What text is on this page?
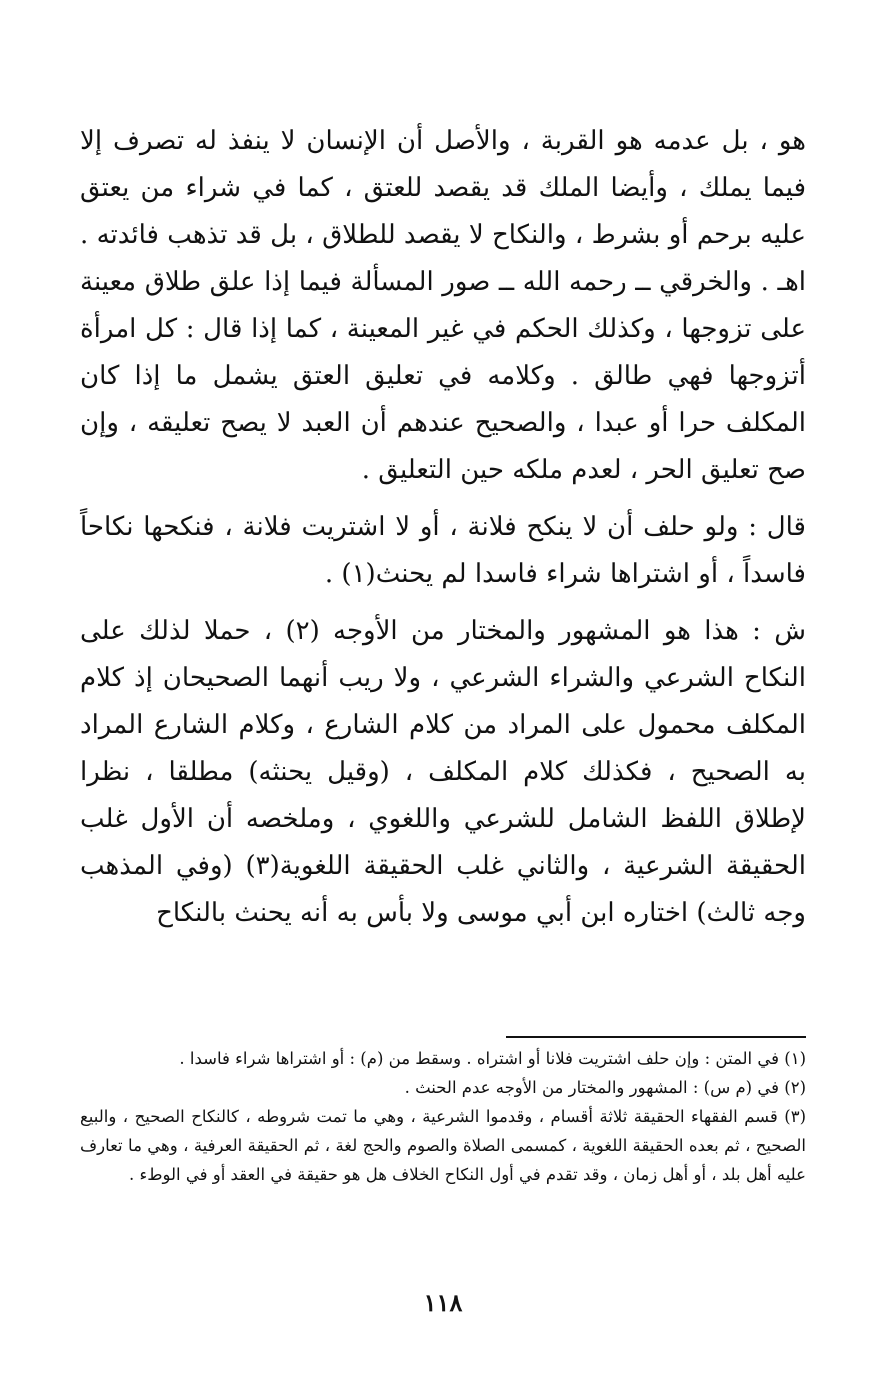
هو ، بل عدمه هو القربة ، والأصل أن الإنسان لا ينفذ له تصرف إلا فيما يملك ، وأيضا الملك قد يقصد للعتق ، كما في شراء من يعتق عليه برحم أو بشرط ، والنكاح لا يقصد للطلاق ، بل قد تذهب فائدته . اهـ . والخرقي ــ رحمه الله ــ صور المسألة فيما إذا علق طلاق معينة على تزوجها ، وكذلك الحكم في غير المعينة ، كما إذا قال : كل امرأة أتزوجها فهي طالق . وكلامه في تعليق العتق يشمل ما إذا كان المكلف حرا أو عبدا ، والصحيح عندهم أن العبد لا يصح تعليقه ، وإن صح تعليق الحر ، لعدم ملكه حين التعليق .

قال : ولو حلف أن لا ينكح فلانة ، أو لا اشتريت فلانة ، فنكحها نكاحاً فاسداً ، أو اشتراها شراء فاسدا لم يحنث(١) .

ش : هذا هو المشهور والمختار من الأوجه (٢) ، حملا لذلك على النكاح الشرعي والشراء الشرعي ، ولا ريب أنهما الصحيحان إذ كلام المكلف محمول على المراد من كلام الشارع ، وكلام الشارع المراد به الصحيح ، فكذلك كلام المكلف ، (وقيل يحنثه) مطلقا ، نظرا لإطلاق اللفظ الشامل للشرعي واللغوي ، وملخصه أن الأول غلب الحقيقة الشرعية ، والثاني غلب الحقيقة اللغوية(٣) (وفي المذهب وجه ثالث) اختاره ابن أبي موسى ولا بأس به أنه يحنث بالنكاح

(١) في المتن : وإن حلف اشتريت فلانا أو اشتراه . وسقط من (م) : أو اشتراها شراء فاسدا .

(٢) في (م س) : المشهور والمختار من الأوجه عدم الحنث .

(٣) قسم الفقهاء الحقيقة ثلاثة أقسام ، وقدموا الشرعية ، وهي ما تمت شروطه ، كالنكاح الصحيح ، والبيع الصحيح ، ثم بعده الحقيقة اللغوية ، كمسمى الصلاة والصوم والحج لغة ، ثم الحقيقة العرفية ، وهي ما تعارف عليه أهل بلد ، أو أهل زمان ، وقد تقدم في أول النكاح الخلاف هل هو حقيقة في العقد أو في الوطء .

١١٨
